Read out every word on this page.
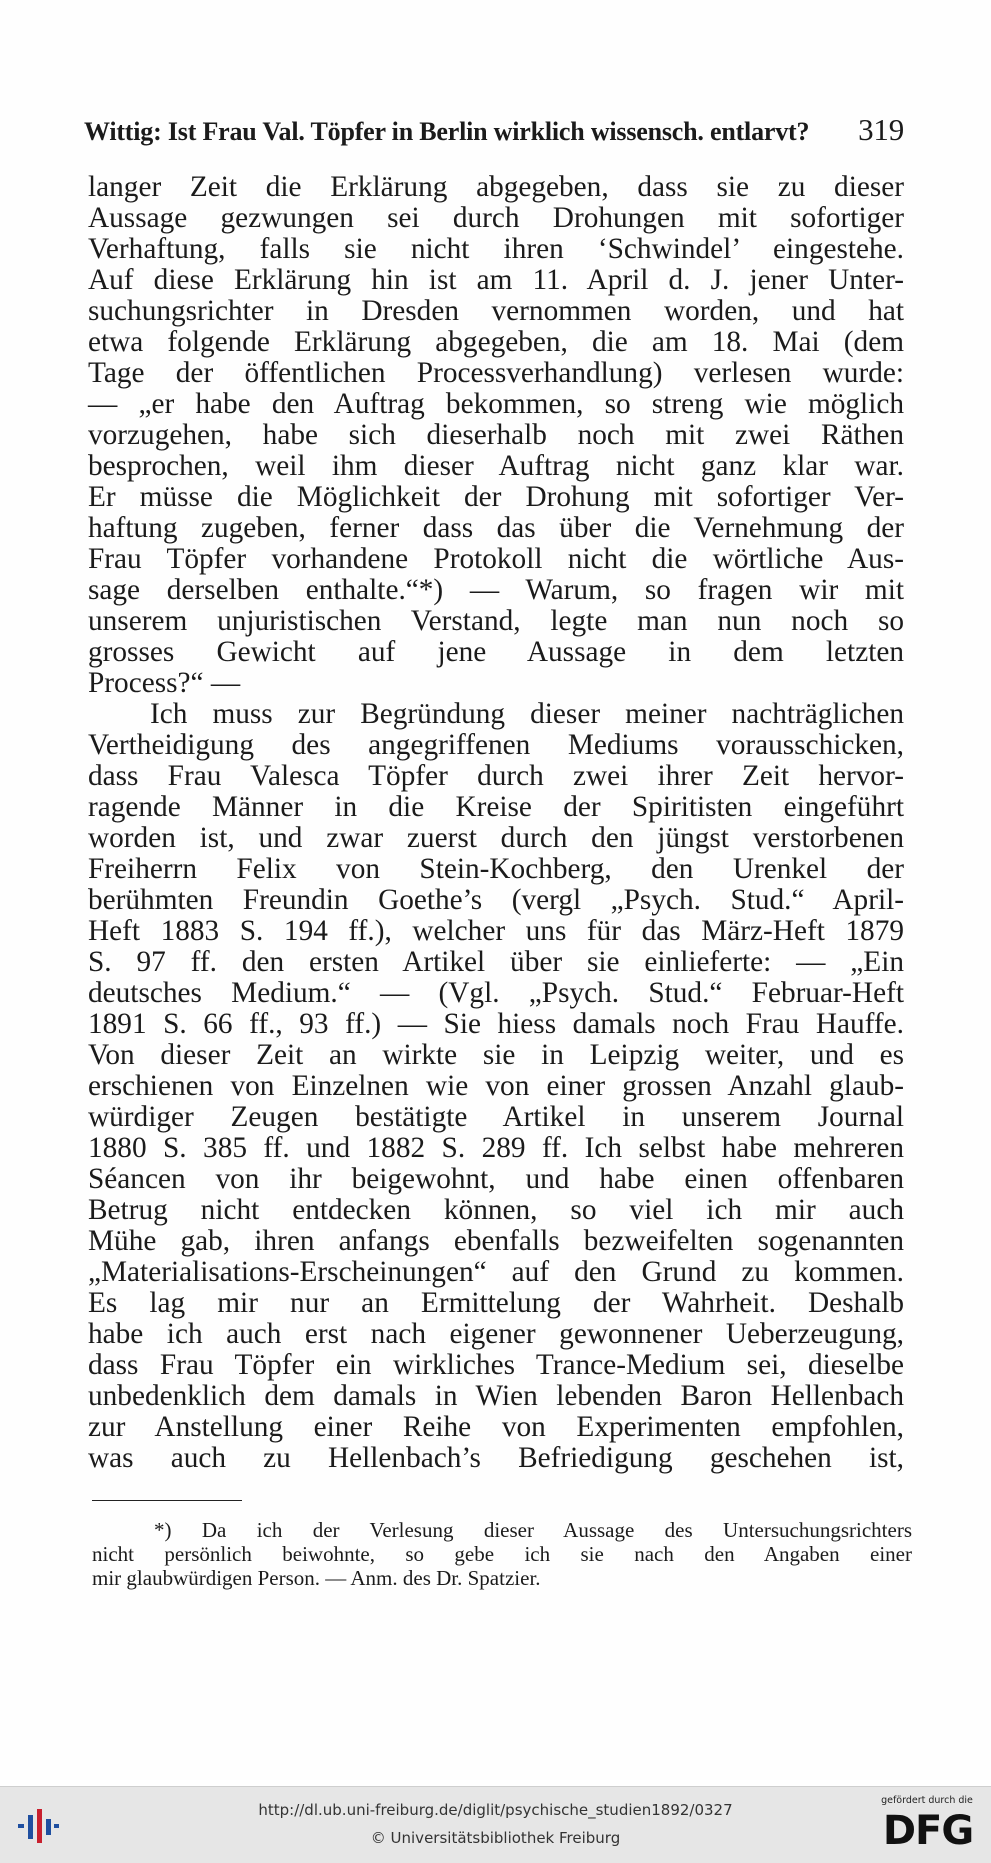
Wittig: Ist Frau Val. Töpfer in Berlin wirklich wissensch. entlarvt? 319
langer Zeit die Erklärung abgegeben, dass sie zu dieser
Aussage gezwungen sei durch Drohungen mit sofortiger
Verhaftung, falls sie nicht ihren ‘Schwindel’ eingestehe.
Auf diese Erklärung hin ist am 11. April d. J. jener Unter-
suchungsrichter in Dresden vernommen worden, und hat
etwa folgende Erklärung abgegeben, die am 18. Mai (dem
Tage der öffentlichen Processverhandlung) verlesen wurde:
— „er habe den Auftrag bekommen, so streng wie möglich
vorzugehen, habe sich dieserhalb noch mit zwei Räthen
besprochen, weil ihm dieser Auftrag nicht ganz klar war.
Er müsse die Möglichkeit der Drohung mit sofortiger Ver-
haftung zugeben, ferner dass das über die Vernehmung der
Frau Töpfer vorhandene Protokoll nicht die wörtliche Aus-
sage derselben enthalte.“*) — Warum, so fragen wir mit
unserem unjuristischen Verstand, legte man nun noch so
grosses Gewicht auf jene Aussage in dem letzten
Process?“ —
Ich muss zur Begründung dieser meiner nachträglichen
Vertheidigung des angegriffenen Mediums vorausschicken,
dass Frau Valesca Töpfer durch zwei ihrer Zeit hervor-
ragende Männer in die Kreise der Spiritisten eingeführt
worden ist, und zwar zuerst durch den jüngst verstorbenen
Freiherrn Felix von Stein-Kochberg, den Urenkel der
berühmten Freundin Goethe’s (vergl „Psych. Stud.“ April-
Heft 1883 S. 194 ff.), welcher uns für das März-Heft 1879
S. 97 ff. den ersten Artikel über sie einlieferte: — „Ein
deutsches Medium.“ — (Vgl. „Psych. Stud.“ Februar-Heft
1891 S. 66 ff., 93 ff.) — Sie hiess damals noch Frau Hauffe.
Von dieser Zeit an wirkte sie in Leipzig weiter, und es
erschienen von Einzelnen wie von einer grossen Anzahl glaub-
würdiger Zeugen bestätigte Artikel in unserem Journal
1880 S. 385 ff. und 1882 S. 289 ff. Ich selbst habe mehreren
Séancen von ihr beigewohnt, und habe einen offenbaren
Betrug nicht entdecken können, so viel ich mir auch
Mühe gab, ihren anfangs ebenfalls bezweifelten sogenannten
„Materialisations-Erscheinungen“ auf den Grund zu kommen.
Es lag mir nur an Ermittelung der Wahrheit. Deshalb
habe ich auch erst nach eigener gewonnener Ueberzeugung,
dass Frau Töpfer ein wirkliches Trance-Medium sei, dieselbe
unbedenklich dem damals in Wien lebenden Baron Hellenbach
zur Anstellung einer Reihe von Experimenten empfohlen,
was auch zu Hellenbach’s Befriedigung geschehen ist,
*) Da ich der Verlesung dieser Aussage des Untersuchungsrichters
nicht persönlich beiwohnte, so gebe ich sie nach den Angaben einer
mir glaubwürdigen Person. — Anm. des Dr. Spatzier.
http://dl.ub.uni-freiburg.de/diglit/psychische_studien1892/0327
© Universitätsbibliothek Freiburg
gefördert durch die
DFG
